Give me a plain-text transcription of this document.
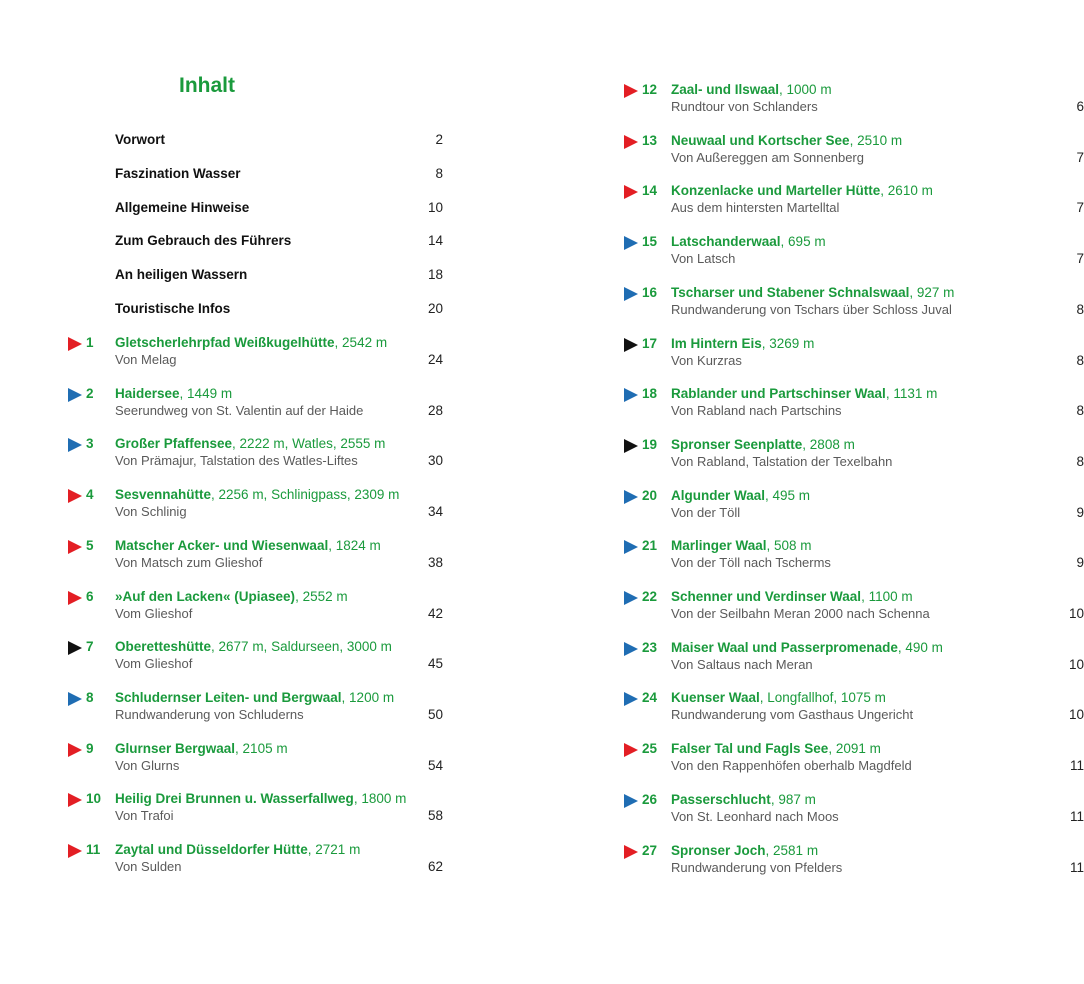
Inhalt
Vorwort	2
Faszination Wasser	8
Allgemeine Hinweise	10
Zum Gebrauch des Führers	14
An heiligen Wassern	18
Touristische Infos	20
1 Gletscherlehrpfad Weißkugelhütte, 2542 m
Von Melag	24
2 Haidersee, 1449 m
Seerundweg von St. Valentin auf der Haide	28
3 Großer Pfaffensee, 2222 m, Watles, 2555 m
Von Prämajur, Talstation des Watles-Liftes	30
4 Sesvennahütte, 2256 m, Schlinigpass, 2309 m
Von Schlinig	34
5 Matscher Acker- und Wiesenwaal, 1824 m
Von Matsch zum Glieshof	38
6 »Auf den Lacken« (Upiasee), 2552 m
Vom Glieshof	42
7 Oberetteshütte, 2677 m, Saldurseen, 3000 m
Vom Glieshof	45
8 Schludernser Leiten- und Bergwaal, 1200 m
Rundwanderung von Schluderns	50
9 Glurnser Bergwaal, 2105 m
Von Glurns	54
10 Heilig Drei Brunnen u. Wasserfallweg, 1800 m
Von Trafoi	58
11 Zaytal und Düsseldorfer Hütte, 2721 m
Von Sulden	62
12 Zaal- und Ilswaal, 1000 m
Rundtour von Schlanders	6
13 Neuwaal und Kortscher See, 2510 m
Von Außereggen am Sonnenberg	7
14 Konzenlacke und Marteller Hütte, 2610 m
Aus dem hintersten Martelltal	7
15 Latschanderwaal, 695 m
Von Latsch	7
16 Tscharser und Stabener Schnalswaal, 927 m
Rundwanderung von Tschars über Schloss Juval	8
17 Im Hintern Eis, 3269 m
Von Kurzras	8
18 Rablander und Partschinser Waal, 1131 m
Von Rabland nach Partschins	8
19 Spronser Seenplatte, 2808 m
Von Rabland, Talstation der Texelbahn	8
20 Algunder Waal, 495 m
Von der Töll	9
21 Marlinger Waal, 508 m
Von der Töll nach Tscherms	9
22 Schenner und Verdinser Waal, 1100 m
Von der Seilbahn Meran 2000 nach Schenna	10
23 Maiser Waal und Passerpromenade, 490 m
Von Saltaus nach Meran	10
24 Kuenser Waal, Longfallhof, 1075 m
Rundwanderung vom Gasthaus Ungericht	10
25 Falser Tal und Fagls See, 2091 m
Von den Rappenhöfen oberhalb Magdfeld	11
26 Passerschlucht, 987 m
Von St. Leonhard nach Moos	11
27 Spronser Joch, 2581 m
Rundwanderung von Pfelders	11
